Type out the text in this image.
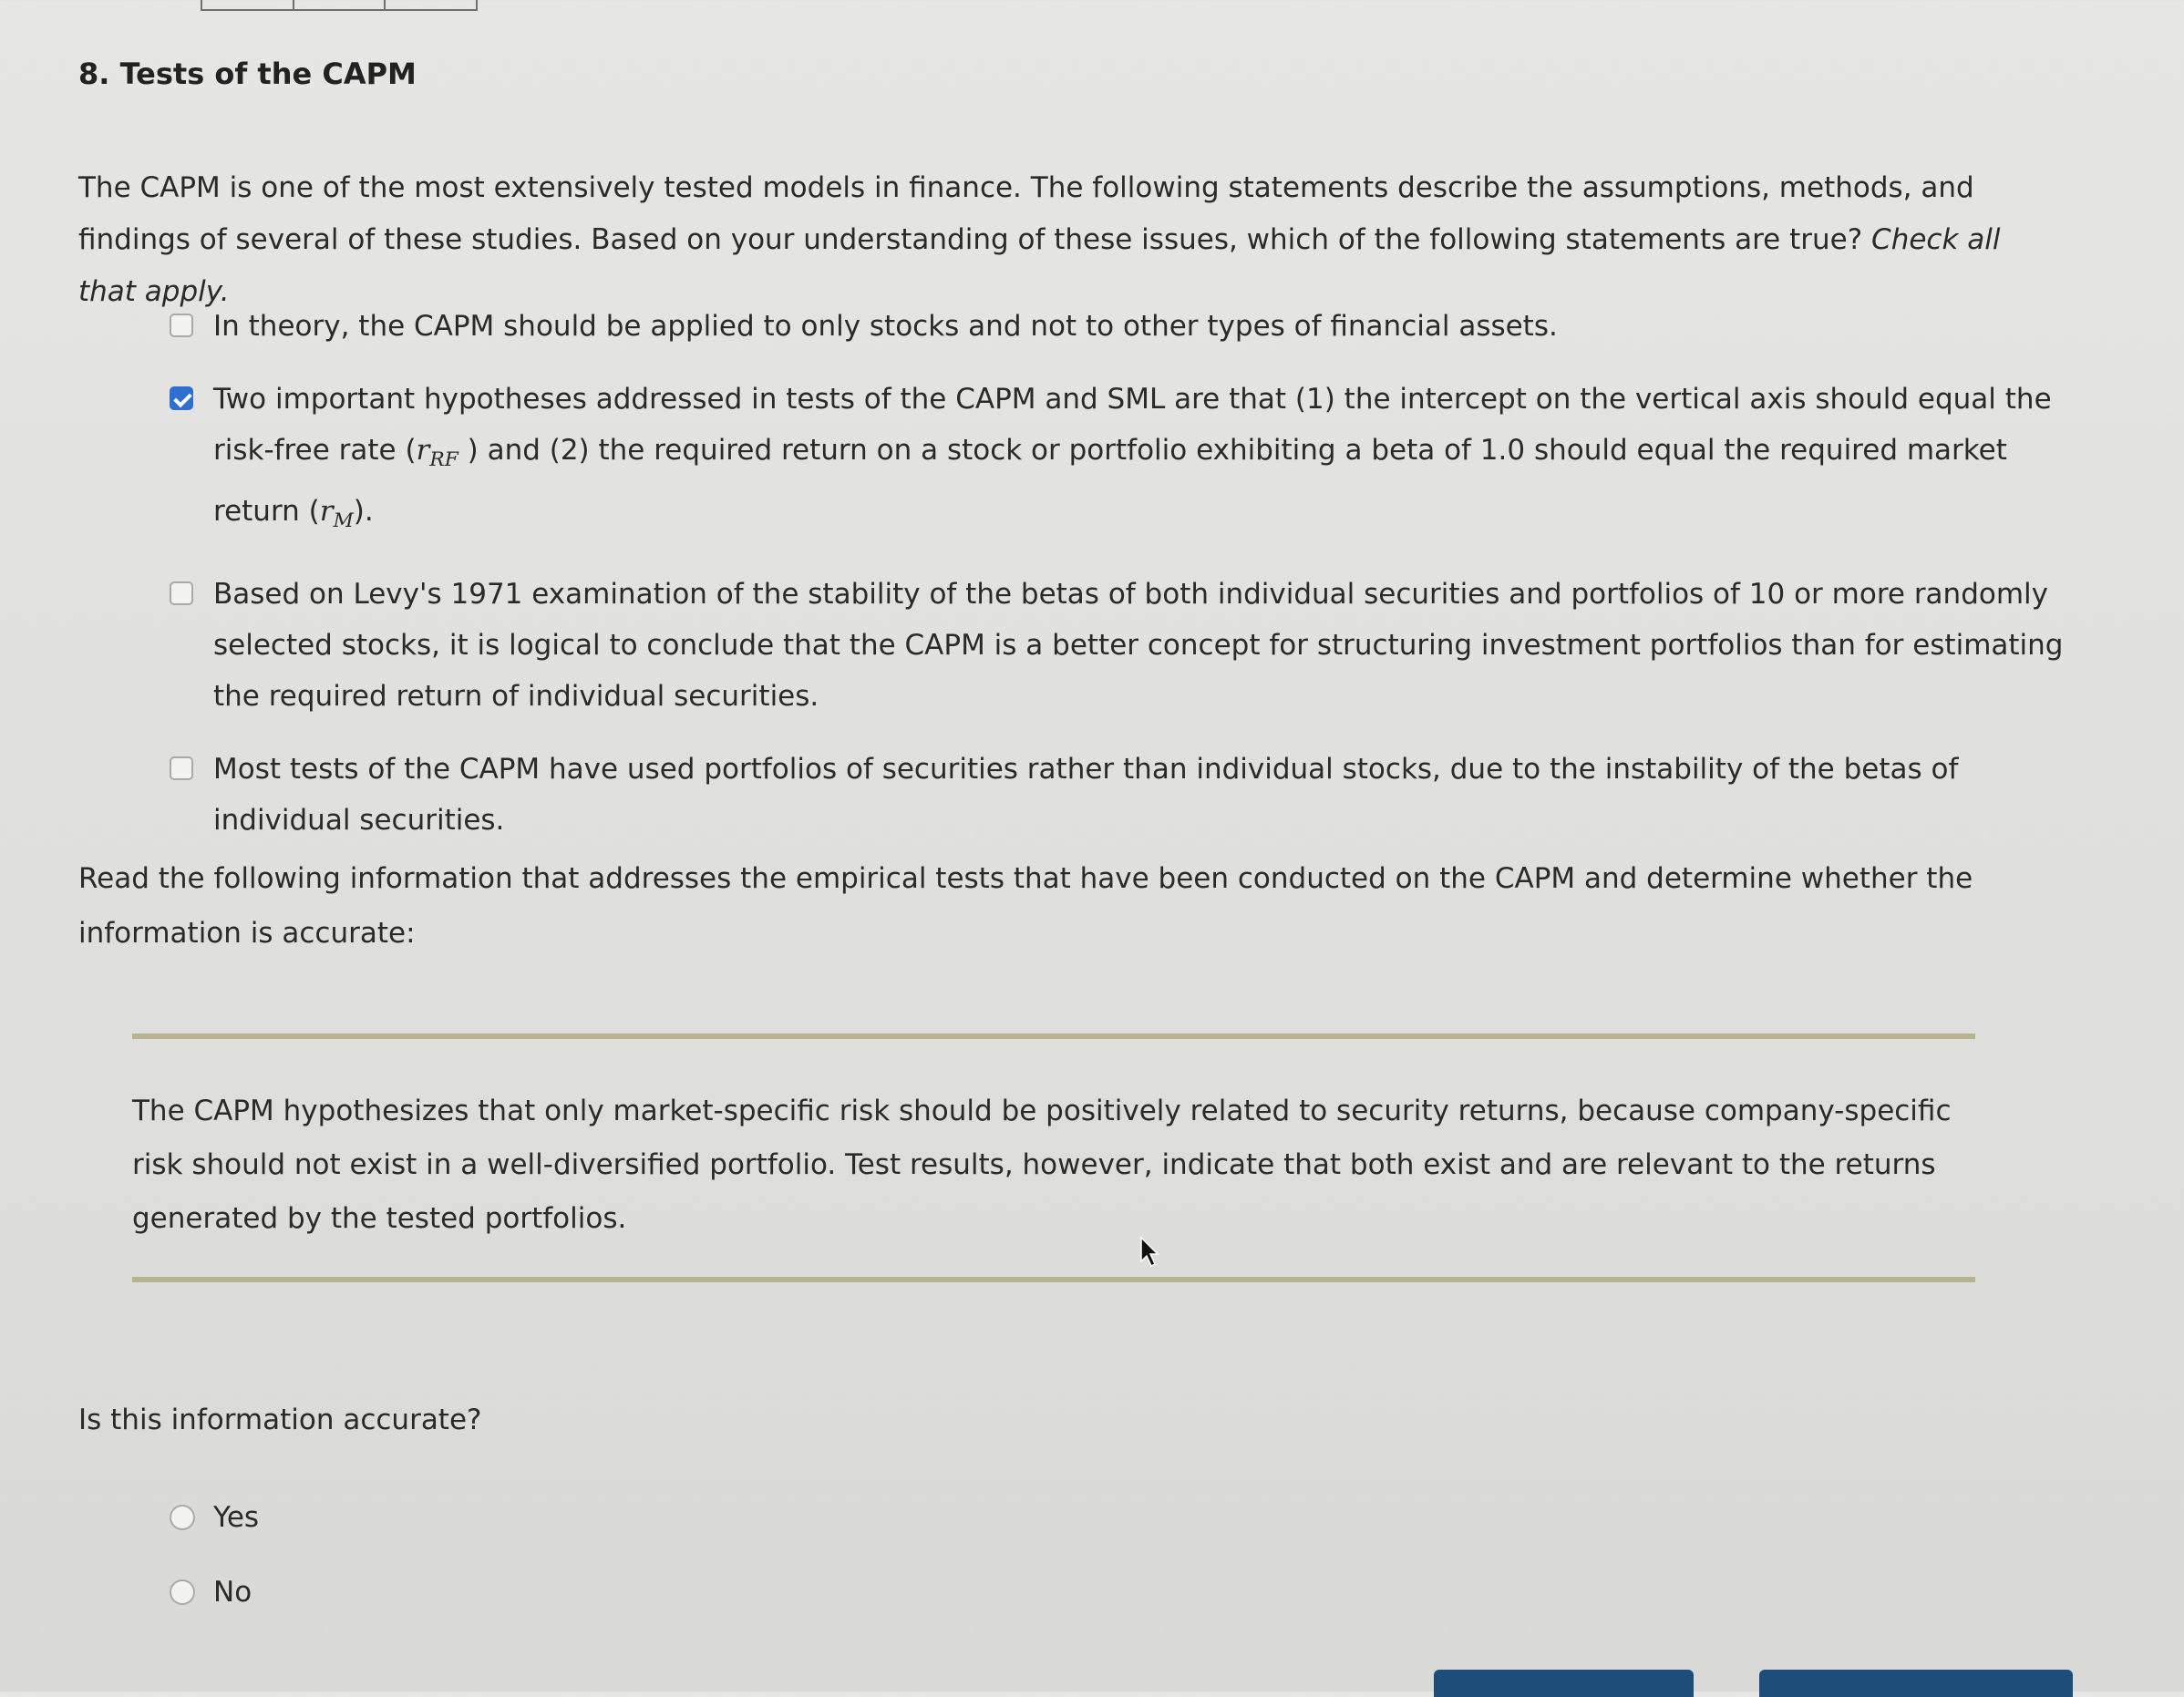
8. Tests of the CAPM
The CAPM is one of the most extensively tested models in finance. The following statements describe the assumptions, methods, and findings of several of these studies. Based on your understanding of these issues, which of the following statements are true? Check all that apply.
In theory, the CAPM should be applied to only stocks and not to other types of financial assets.
Two important hypotheses addressed in tests of the CAPM and SML are that (1) the intercept on the vertical axis should equal the risk-free rate ($r_{RF}$ ) and (2) the required return on a stock or portfolio exhibiting a beta of 1.0 should equal the required market return $(r_M)$.
Based on Levy's 1971 examination of the stability of the betas of both individual securities and portfolios of 10 or more randomly selected stocks, it is logical to conclude that the CAPM is a better concept for structuring investment portfolios than for estimating the required return of individual securities.
Most tests of the CAPM have used portfolios of securities rather than individual stocks, due to the instability of the betas of individual securities.
Read the following information that addresses the empirical tests that have been conducted on the CAPM and determine whether the information is accurate:
The CAPM hypothesizes that only market-specific risk should be positively related to security returns, because company-specific risk should not exist in a well-diversified portfolio. Test results, however, indicate that both exist and are relevant to the returns generated by the tested portfolios.
Is this information accurate?
Yes
No
